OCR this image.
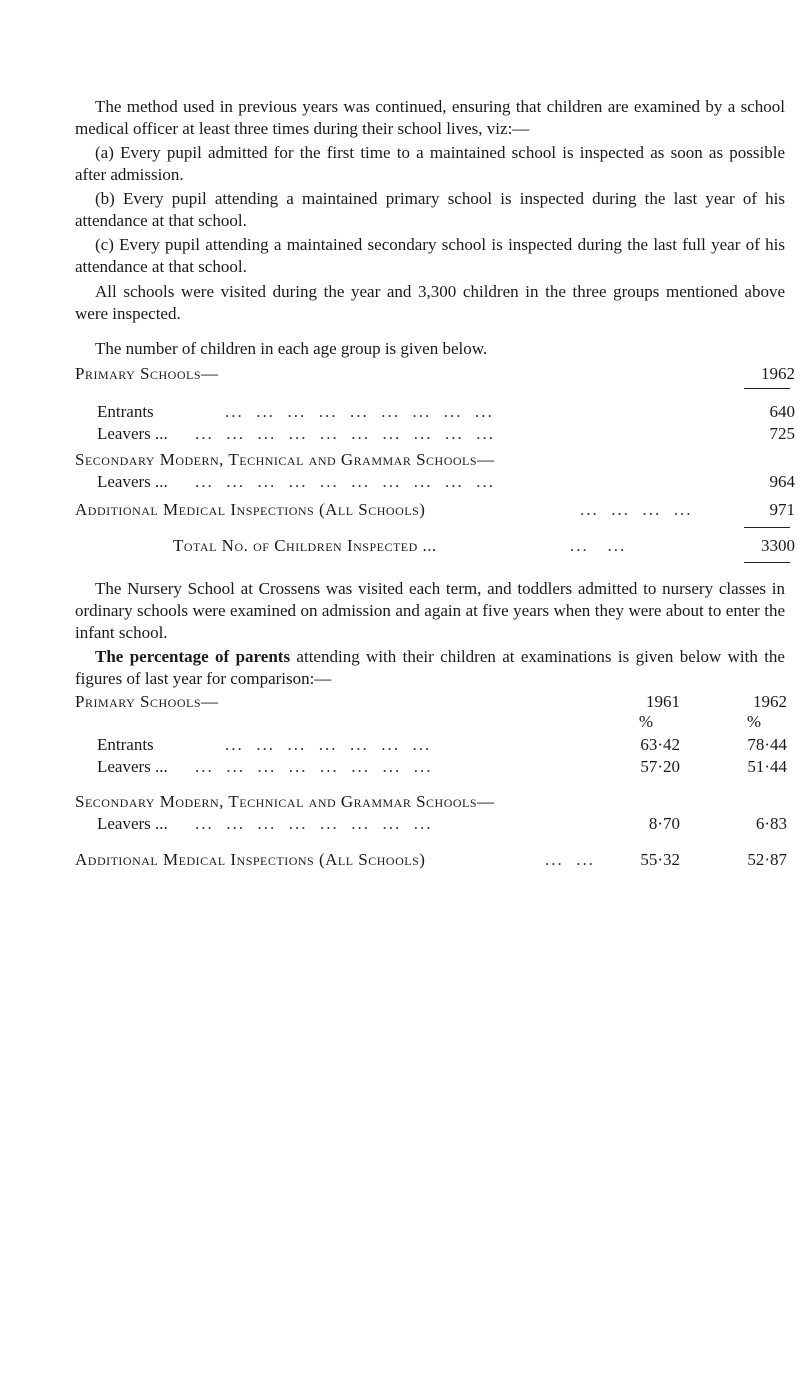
The method used in previous years was continued, ensuring that children are examined by a school medical officer at least three times during their school lives, viz:—
(a) Every pupil admitted for the first time to a maintained school is inspected as soon as possible after admission.
(b) Every pupil attending a maintained primary school is inspected during the last year of his attendance at that school.
(c) Every pupil attending a maintained secondary school is inspected during the last full year of his attendance at that school.
All schools were visited during the year and 3,300 children in the three groups mentioned above were inspected.
The number of children in each age group is given below.
Primary Schools—	1962
Entrants	...  ...  ...  ...  ...  ...  ...  ...  ...	640
Leavers ... ...  ...  ...  ...  ...  ...  ...  ...  ...  ...	725
Secondary Modern, Technical and Grammar Schools—
Leavers ... ...  ...  ...  ...  ...  ...  ...  ...  ...  ...	964
Additional Medical Inspections (All Schools)	...  ...  ...  ...	971
Total No. of Children Inspected ...	...   ...	3300
The Nursery School at Crossens was visited each term, and toddlers admitted to nursery classes in ordinary schools were examined on admission and again at five years when they were about to enter the infant school.
The percentage of parents attending with their children at examinations is given below with the figures of last year for comparison:—
Primary Schools—	1961	1962
%	%
Entrants	...  ...  ...  ...  ...  ...  ...	63·42	78·44
Leavers ... ...  ...  ...  ...  ...  ...  ...  ...	57·20	51·44
Secondary Modern, Technical and Grammar Schools—
Leavers ... ...  ...  ...  ...  ...  ...  ...  ...	8·70	6·83
Additional Medical Inspections (All Schools)	...  ...	55·32	52·87
